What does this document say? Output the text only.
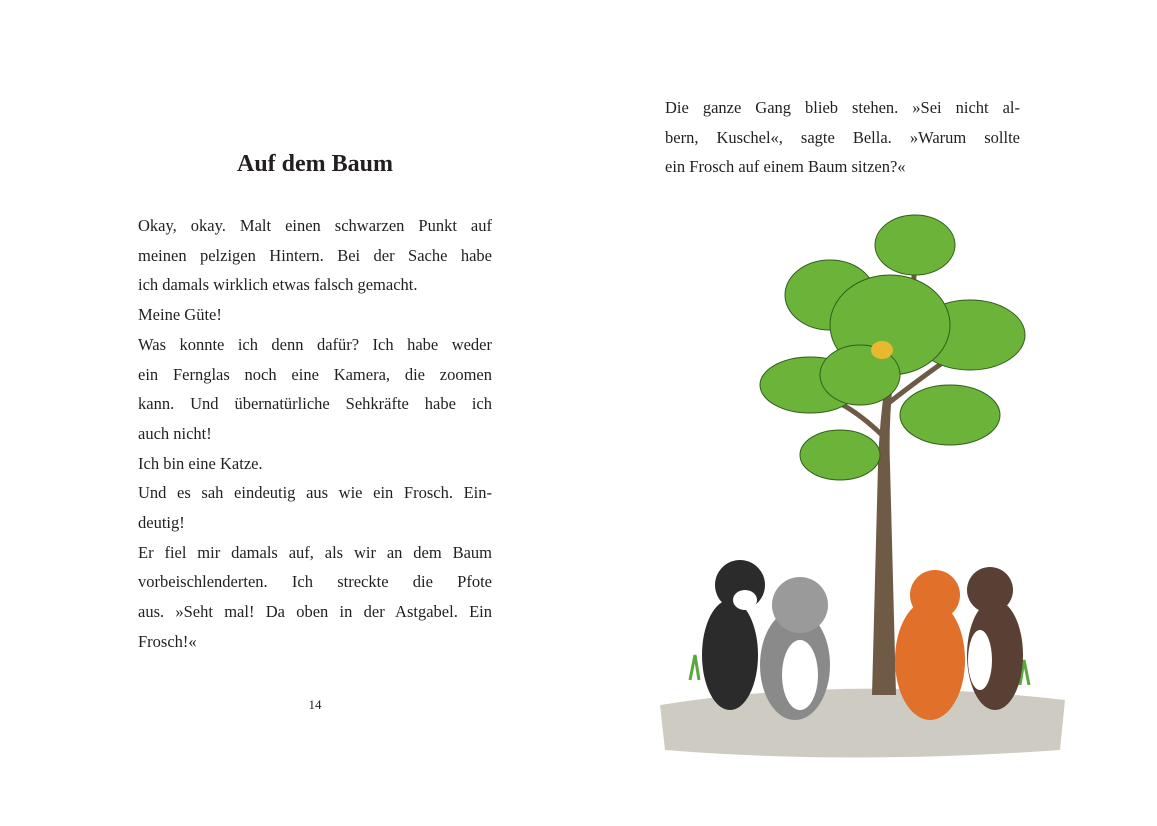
Auf dem Baum
Okay, okay. Malt einen schwarzen Punkt auf
meinen pelzigen Hintern. Bei der Sache habe
ich damals wirklich etwas falsch gemacht.
Meine Güte!
Was konnte ich denn dafür? Ich habe weder
ein Fernglas noch eine Kamera, die zoomen
kann. Und übernatürliche Sehkräfte habe ich
auch nicht!
Ich bin eine Katze.
Und es sah eindeutig aus wie ein Frosch. Ein-
deutig!
Er fiel mir damals auf, als wir an dem Baum
vorbeischlenderten. Ich streckte die Pfote
aus. »Seht mal! Da oben in der Astgabel. Ein
Frosch!«
14
Die ganze Gang blieb stehen. »Sei nicht al-
bern, Kuschel«, sagte Bella. »Warum sollte
ein Frosch auf einem Baum sitzen?«
